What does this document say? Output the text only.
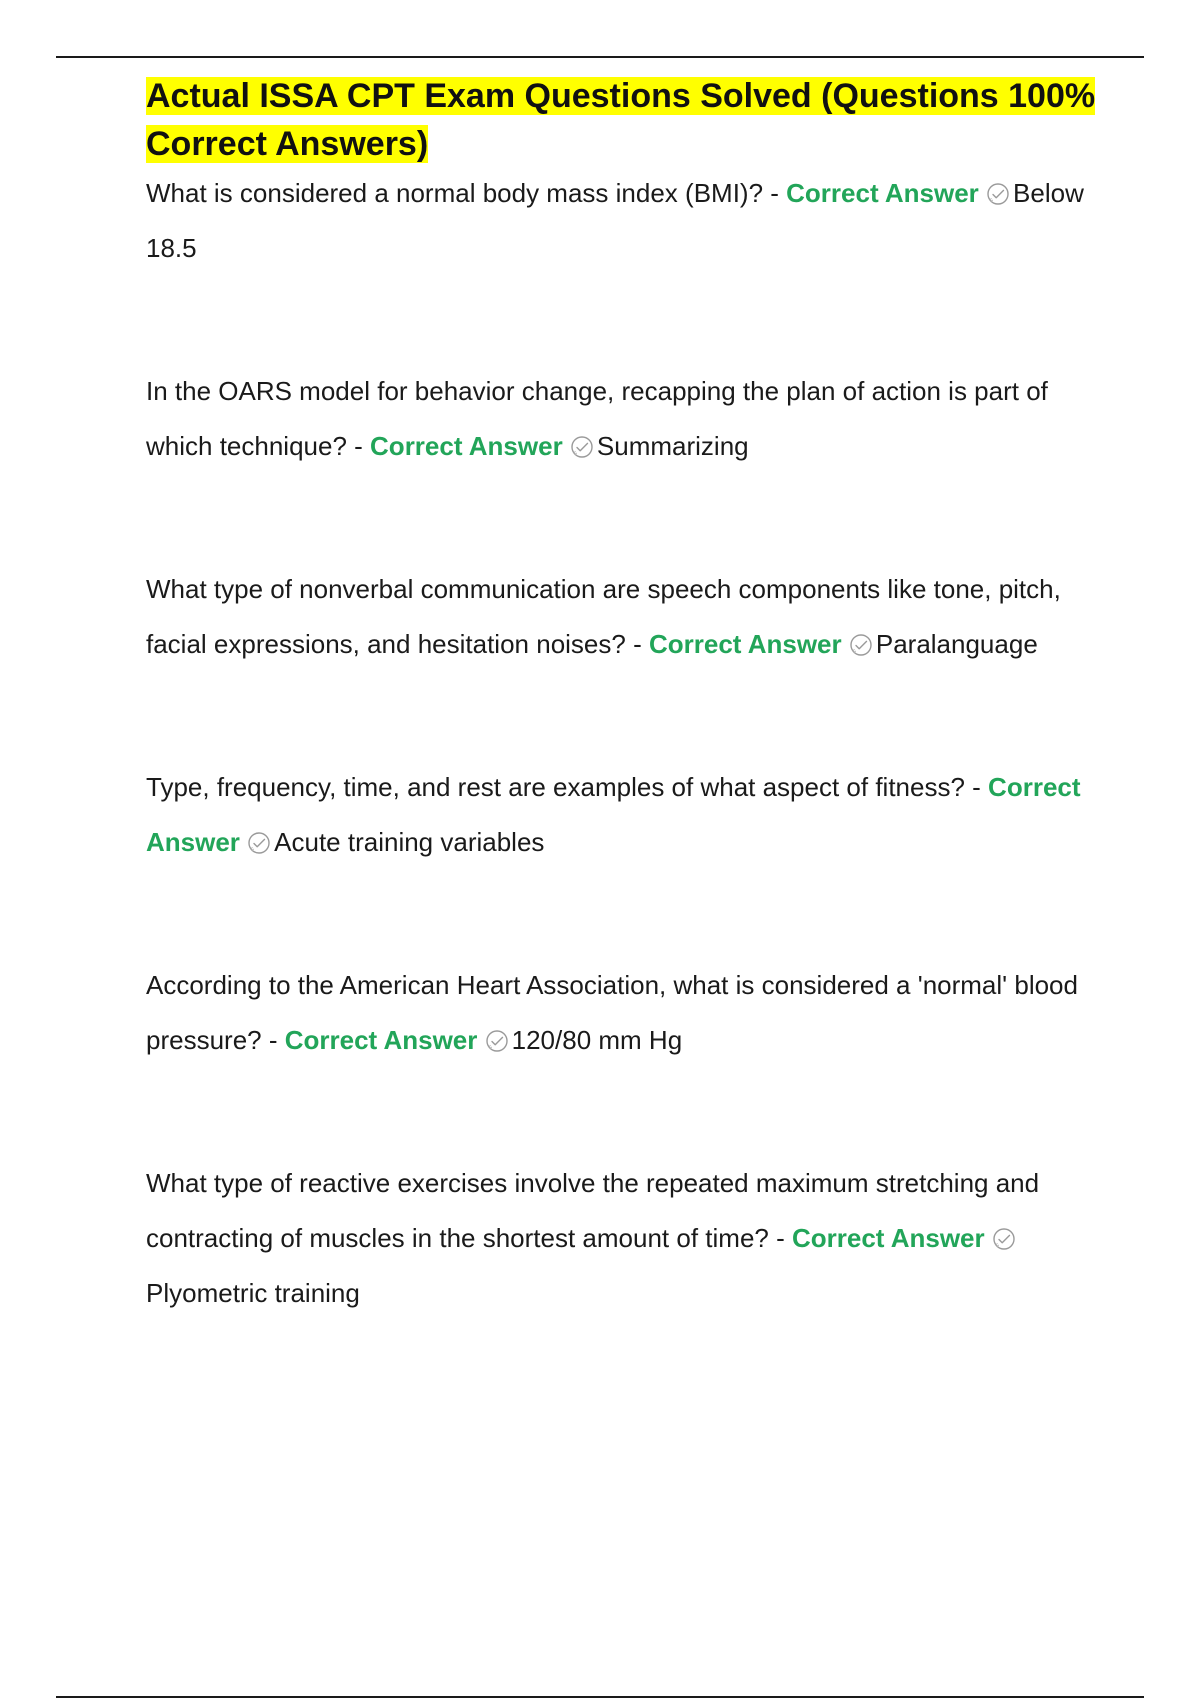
Actual ISSA CPT Exam Questions Solved (Questions 100% Correct Answers)
What is considered a normal body mass index (BMI)? - Correct Answer Below 18.5
In the OARS model for behavior change, recapping the plan of action is part of which technique? - Correct Answer Summarizing
What type of nonverbal communication are speech components like tone, pitch, facial expressions, and hesitation noises? - Correct Answer Paralanguage
Type, frequency, time, and rest are examples of what aspect of fitness? - Correct Answer Acute training variables
According to the American Heart Association, what is considered a 'normal' blood pressure? - Correct Answer 120/80 mm Hg
What type of reactive exercises involve the repeated maximum stretching and contracting of muscles in the shortest amount of time? - Correct Answer
Plyometric training
